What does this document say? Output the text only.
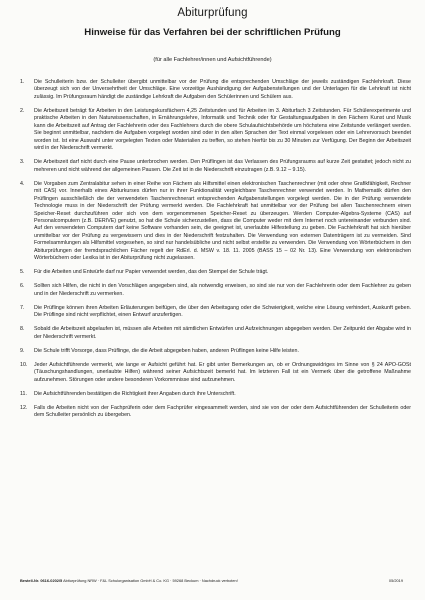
Abiturprüfung
Hinweise für das Verfahren bei der schriftlichen Prüfung
(für alle Fachlehrer/innen und Aufsichtführende)
1.	Die Schulleiterin bzw. der Schulleiter übergibt unmittelbar vor der Prüfung die entsprechenden Umschläge der jeweils zuständigen Fachlehrkraft. Diese überzeugt sich von der Unversehrtheit der Umschläge. Eine vorzeitige Aushändigung der Aufgabenstellungen und der Unterlagen für die Lehrkraft ist nicht zulässig. Im Prüfungsraum händigt die zuständige Lehrkraft die Aufgaben den Schülerinnen und Schülern aus.
2.	Die Arbeitszeit beträgt für Arbeiten in den Leistungskursfächern 4,25 Zeitstunden und für Arbeiten im 3. Abiturfach 3 Zeitstunden. Für Schülerexperimente und praktische Arbeiten in den Naturwissenschaften, in Ernährungslehre, Informatik und Technik oder für Gestaltungsaufgaben in den Fächern Kunst und Musik kann die Arbeitszeit auf Antrag der Fachlehrerin oder des Fachlehrers durch die obere Schulaufsichtsbehörde um höchstens eine Zeitstunde verlängert werden. Sie beginnt unmittelbar, nachdem die Aufgaben vorgelegt worden sind oder in den alten Sprachen der Text einmal vorgelesen oder ein Lehrervorsuch beendet worden ist. Ist eine Auswahl unter vorgelegten Texten oder Materialien zu treffen, so stehen hierfür bis zu 30 Minuten zur Verfügung. Der Beginn der Arbeitszeit wird in der Niederschrift vermerkt.
3.	Die Arbeitszeit darf nicht durch eine Pause unterbrochen werden. Den Prüflingen ist das Verlassen des Prüfungsraums auf kurze Zeit gestattet; jedoch nicht zu mehreren und nicht während der allgemeinen Pausen. Die Zeit ist in die Niederschrift einzutragen (z.B. 9.12 – 9.15).
4.	Die Vorgaben zum Zentralabitur sehen in einer Reihe von Fächern als Hilfsmittel einen elektronischen Taschenrechner (mit oder ohne Grafikfähigkeit, Rechner mit CAS) vor. Innerhalb eines Abiturkurses dürfen nur in ihrer Funktionalität vergleichbare Taschenrechner verwendet werden. In Mathematik dürfen den Prüflingen ausschließlich die der verwendeten Taschenrechnerart entsprechenden Aufgabenstellungen vorgelegt werden. Die in der Prüfung verwendete Technologie muss in der Niederschrift der Prüfung vermerkt werden. Die Fachlehrkraft hat unmittelbar vor der Prüfung bei allen Taschenrechnern einen Speicher-Reset durchzuführen oder sich von dem vorgenommenen Speicher-Reset zu überzeugen. Werden Computer-Algebra-Systeme (CAS) auf Personalcomputern (z.B. DERIVE) genutzt, so hat die Schule sicherzustellen, dass die Computer weder mit dem Internet noch untereinander verbunden sind. Auf den verwendeten Computern darf keine Software vorhanden sein, die geeignet ist, unerlaubte Hilfestellung zu geben. Die Fachlehrkraft hat sich hierüber unmittelbar vor der Prüfung zu vergewissern und dies in der Niederschrift festzuhalten. Die Verwendung von externen Datenträgern ist zu vermeiden. Sind Formelsammlungen als Hilfsmittel vorgesehen, so sind nur handelsübliche und nicht selbst erstellte zu verwenden. Die Verwendung von Wörterbüchern in den Abiturprüfungen der fremdsprachlichen Fächer regelt der RdErl. d. MSW v. 18. 11. 2005 (BASS 15 – 02 Nr. 13). Eine Verwendung von elektronischen Wörterbüchern oder Lexika ist in der Abiturprüfung nicht zugelassen.
5.	Für die Arbeiten und Entwürfe darf nur Papier verwendet werden, das den Stempel der Schule trägt.
6.	Sollten sich Hilfen, die nicht in den Vorschlägen angegeben sind, als notwendig erweisen, so sind sie nur von der Fachlehrerin oder dem Fachlehrer zu geben und in der Niederschrift zu vermerken.
7.	Die Prüflinge können ihren Arbeiten Erläuterungen beifügen, die über den Arbeitsgang oder die Schwierigkeit, welche eine Lösung verhindert, Auskunft geben. Die Prüflinge sind nicht verpflichtet, einen Entwurf anzufertigen.
8.	Sobald die Arbeitszeit abgelaufen ist, müssen alle Arbeiten mit sämtlichen Entwürfen und Aufzeichnungen abgegeben werden. Der Zeitpunkt der Abgabe wird in der Niederschrift vermerkt.
9.	Die Schule trifft Vorsorge, dass Prüflinge, die die Arbeit abgegeben haben, anderen Prüflingen keine Hilfe leisten.
10.	Jeder Aufsichtführende vermerkt, wie lange er Aufsicht geführt hat. Er gibt unter Bemerkungen an, ob er Ordnungswidriges im Sinne von § 24 APO-GOSt (Täuschungshandlungen, unerlaubte Hilfen) während seiner Aufsichtszeit bemerkt hat. Im letzteren Fall ist ein Vermerk über die getroffene Maßnahme aufzunehmen. Störungen oder andere besonderen Vorkommnisse sind aufzunehmen.
11.	Die Aufsichtführenden bestätigen die Richtigkeit ihrer Angaben durch ihre Unterschrift.
12.	Falls die Arbeiten nicht von der Fachprüferin oder dem Fachprüfer eingesammelt werden, sind sie von der oder dem Aufsichtführenden der Schulleiterin oder dem Schulleiter persönlich zu übergeben.
Bestell-Nr. 0616-0202/5 Abiturprüfung NRW · F&L Schulorganisation GmbH & Co. KG · 59268 Beckum · Nachdruck verboten!	05/2019
